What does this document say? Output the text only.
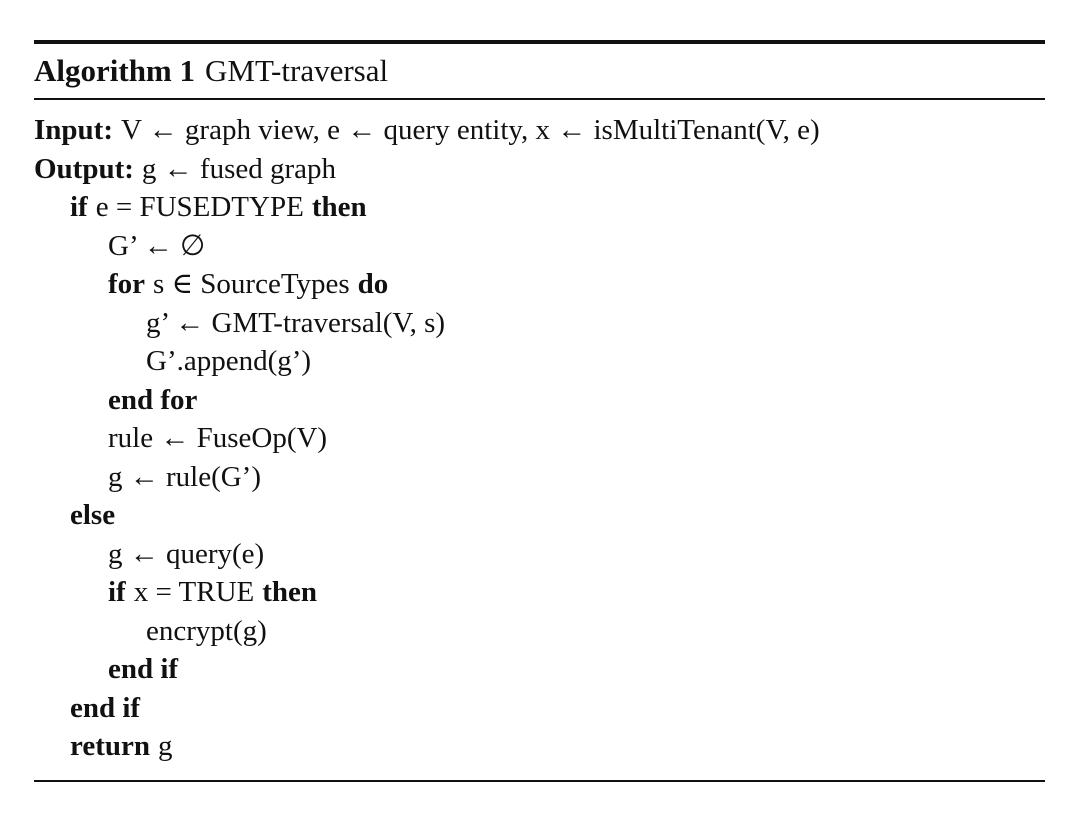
Algorithm 1 GMT-traversal
Input: V ← graph view, e ← query entity, x ← isMultiTenant(V, e)
Output: g ← fused graph
if e = FUSEDTYPE then
G’ ← ∅
for s ∈ SourceTypes do
g’ ← GMT-traversal(V, s)
G’.append(g’)
end for
rule ← FuseOp(V)
g ← rule(G’)
else
g ← query(e)
if x = TRUE then
encrypt(g)
end if
end if
return g
